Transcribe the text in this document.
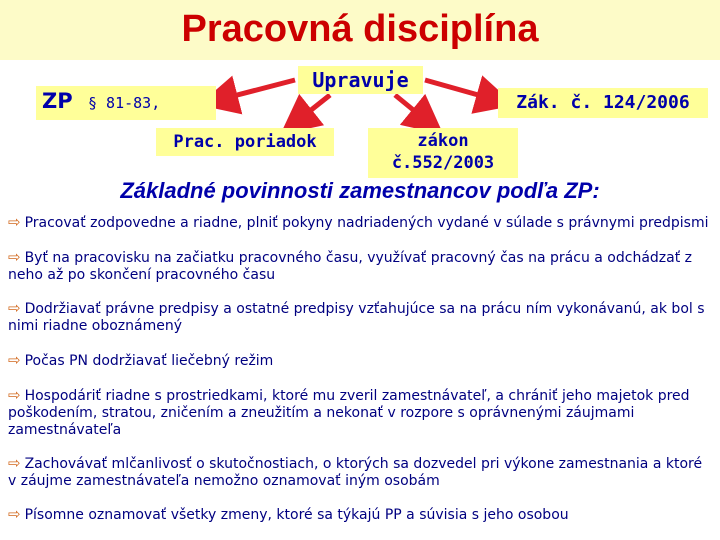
Pracovná disciplína
Upravuje
ZP § 81-83,	Zák. č. 124/2006
Prac. poriadok	zákon
č.552/2003
Základné povinnosti zamestnancov podľa ZP:
⇨ Pracovať zodpovedne a riadne, plniť pokyny nadriadených vydané v súlade s právnymi predpismi
⇨ Byť na pracovisku na začiatku pracovného času, využívať pracovný čas na prácu a odchádzať z neho až po skončení pracovného času
⇨ Dodržiavať právne predpisy a ostatné predpisy vzťahujúce sa na prácu ním vykonávanú, ak bol s nimi riadne oboznámený
⇨ Počas PN dodržiavať liečebný režim
⇨ Hospodáriť riadne s prostriedkami, ktoré mu zveril zamestnávateľ, a chrániť jeho majetok pred poškodením, stratou, zničením a zneužitím a nekonať v rozpore s oprávnenými záujmami zamestnávateľa
⇨ Zachovávať mlčanlivosť o skutočnostiach, o ktorých sa dozvedel pri výkone zamestnania a ktoré v záujme zamestnávateľa nemožno oznamovať iným osobám
⇨ Písomne oznamovať všetky zmeny, ktoré sa týkajú PP a súvisia s jeho osobou
